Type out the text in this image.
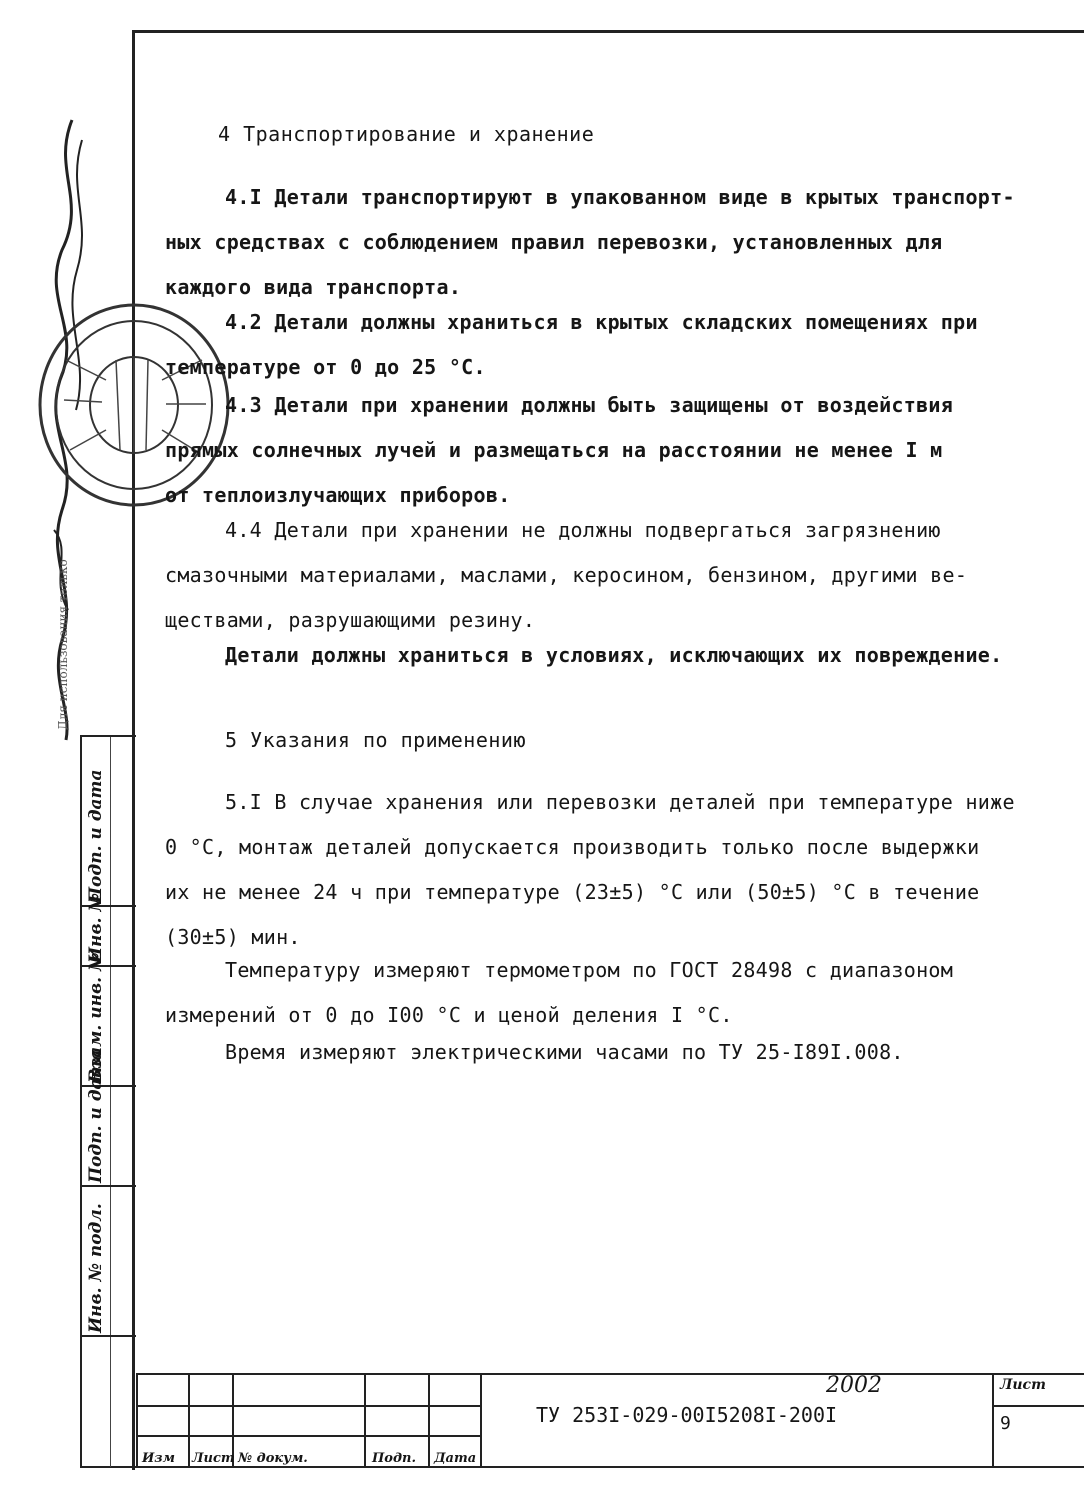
Подп. и дата
Инв. №
Взам. инв. №
Подп. и дата
Инв. № подл.
Для использования только
4 Транспортирование и хранение
4.I Детали транспортируют в упакованном виде в крытых транспорт-
ных средствах с соблюдением правил перевозки, установленных для
каждого вида транспорта.
4.2 Детали должны храниться в крытых складских помещениях при
температуре от 0 до 25 °С.
4.3 Детали при хранении должны быть защищены от воздействия
прямых солнечных лучей и размещаться на расстоянии не менее I м
от теплоизлучающих приборов.
4.4 Детали при хранении не должны подвергаться загрязнению
смазочными материалами, маслами, керосином, бензином, другими ве-
ществами, разрушающими резину.
Детали должны храниться в условиях, исключающих их повреждение.
5 Указания по применению
5.I В случае хранения или перевозки деталей при температуре ниже
0 °С, монтаж деталей допускается производить только после выдержки
их не менее 24 ч при температуре (23±5) °С или (50±5) °С в течение
(30±5) мин.
Температуру измеряют термометром по ГОСТ 28498 с диапазоном
измерений от 0 до I00 °С и ценой деления I °С.
Время измеряют электрическими часами по ТУ 25-I89I.008.
Изм Лист № докум.	Подп. Дата
ТУ 253I-029-00I5208I-200I
2002	Лист
9
